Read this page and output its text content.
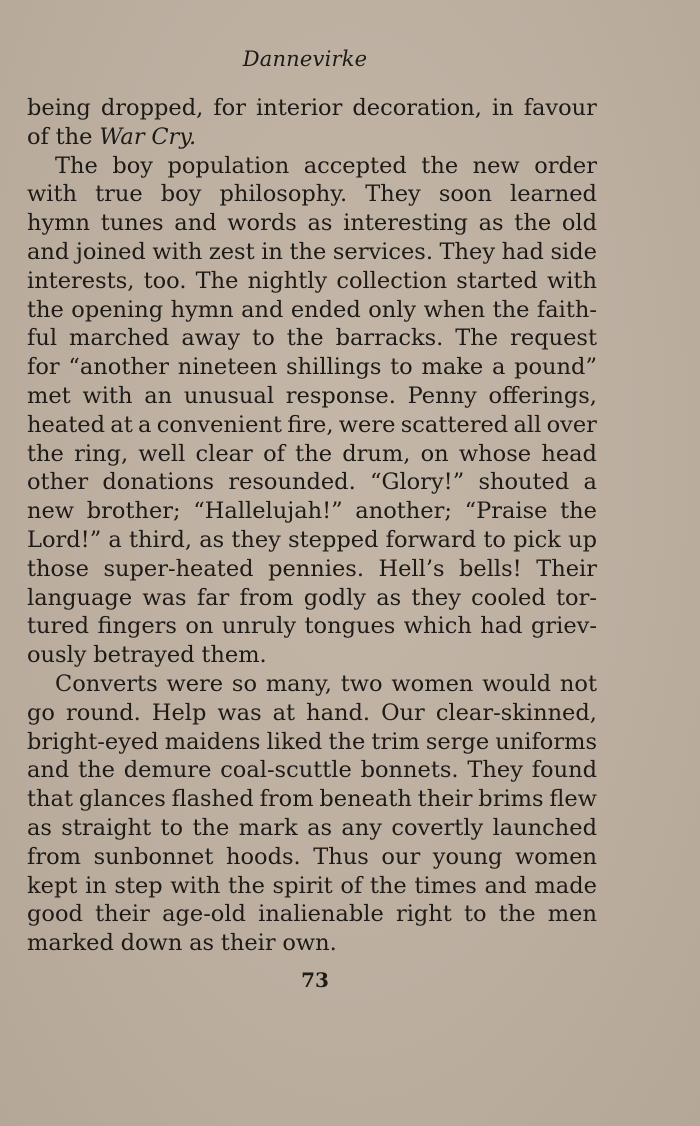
Dannevirke
being dropped, for interior decoration, in favour
of the War Cry.
The boy population accepted the new order
with true boy philosophy. They soon learned
hymn tunes and words as interesting as the old
and joined with zest in the services. They had side
interests, too. The nightly collection started with
the opening hymn and ended only when the faith-
ful marched away to the barracks. The request
for “another nineteen shillings to make a pound”
met with an unusual response. Penny offerings,
heated at a convenient fire, were scattered all over
the ring, well clear of the drum, on whose head
other donations resounded. “Glory!” shouted a
new brother; “Hallelujah!” another; “Praise the
Lord!” a third, as they stepped forward to pick up
those super-heated pennies. Hell’s bells! Their
language was far from godly as they cooled tor-
tured fingers on unruly tongues which had griev-
ously betrayed them.
Converts were so many, two women would not
go round. Help was at hand. Our clear-skinned,
bright-eyed maidens liked the trim serge uniforms
and the demure coal-scuttle bonnets. They found
that glances flashed from beneath their brims flew
as straight to the mark as any covertly launched
from sunbonnet hoods. Thus our young women
kept in step with the spirit of the times and made
good their age-old inalienable right to the men
marked down as their own.
73
